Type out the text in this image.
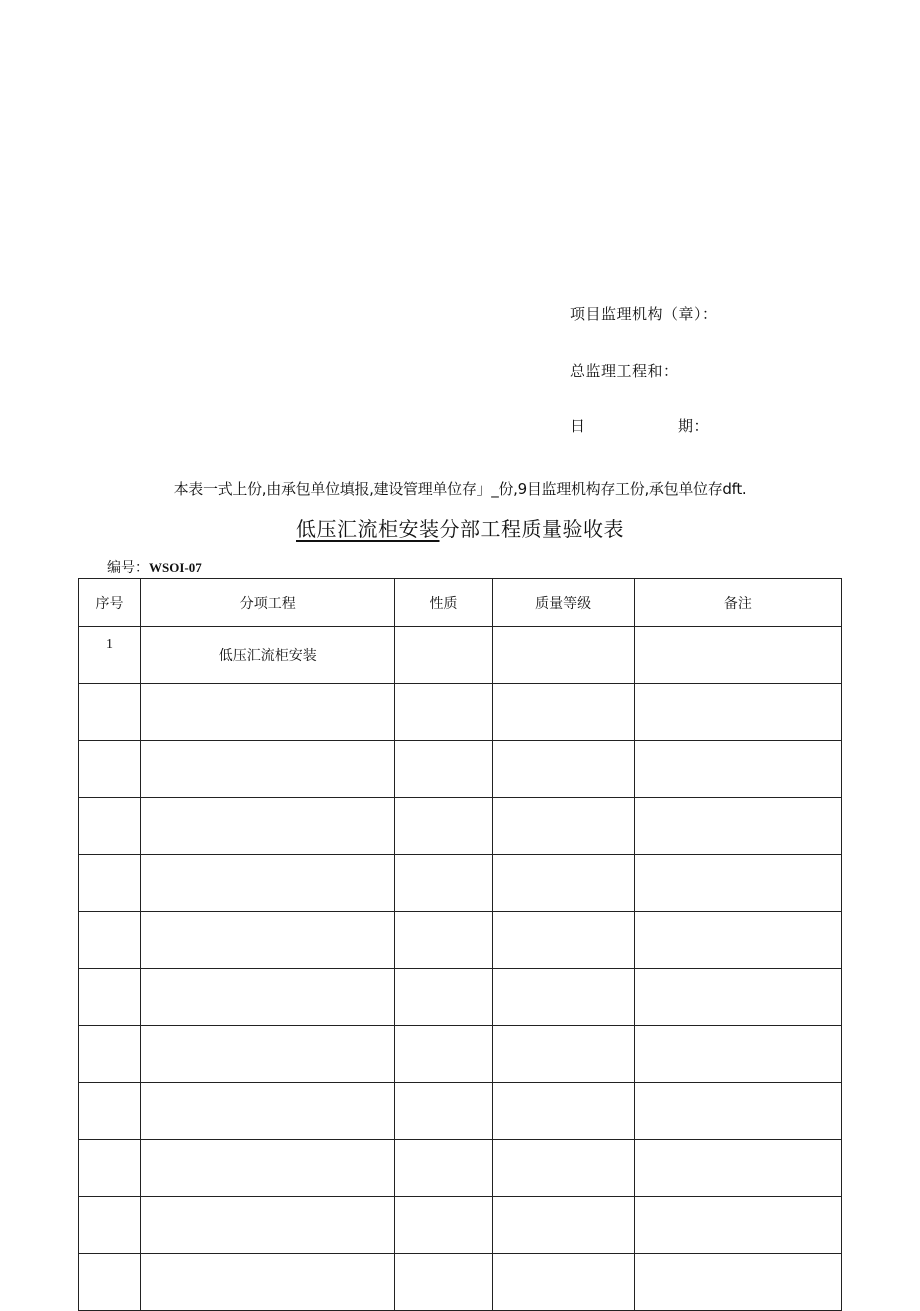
项目监理机构（章）：
总监理工程和：
日	期：
本表一式上份,由承包单位填报,建设管理单位存」_份,9目监理机构存工份,承包单位存dft.
低压汇流柜安装分部工程质量验收表
编号：WSOI-07
序号	分项工程	性质	质量等级	备注
1	低压汇流柜安装			
